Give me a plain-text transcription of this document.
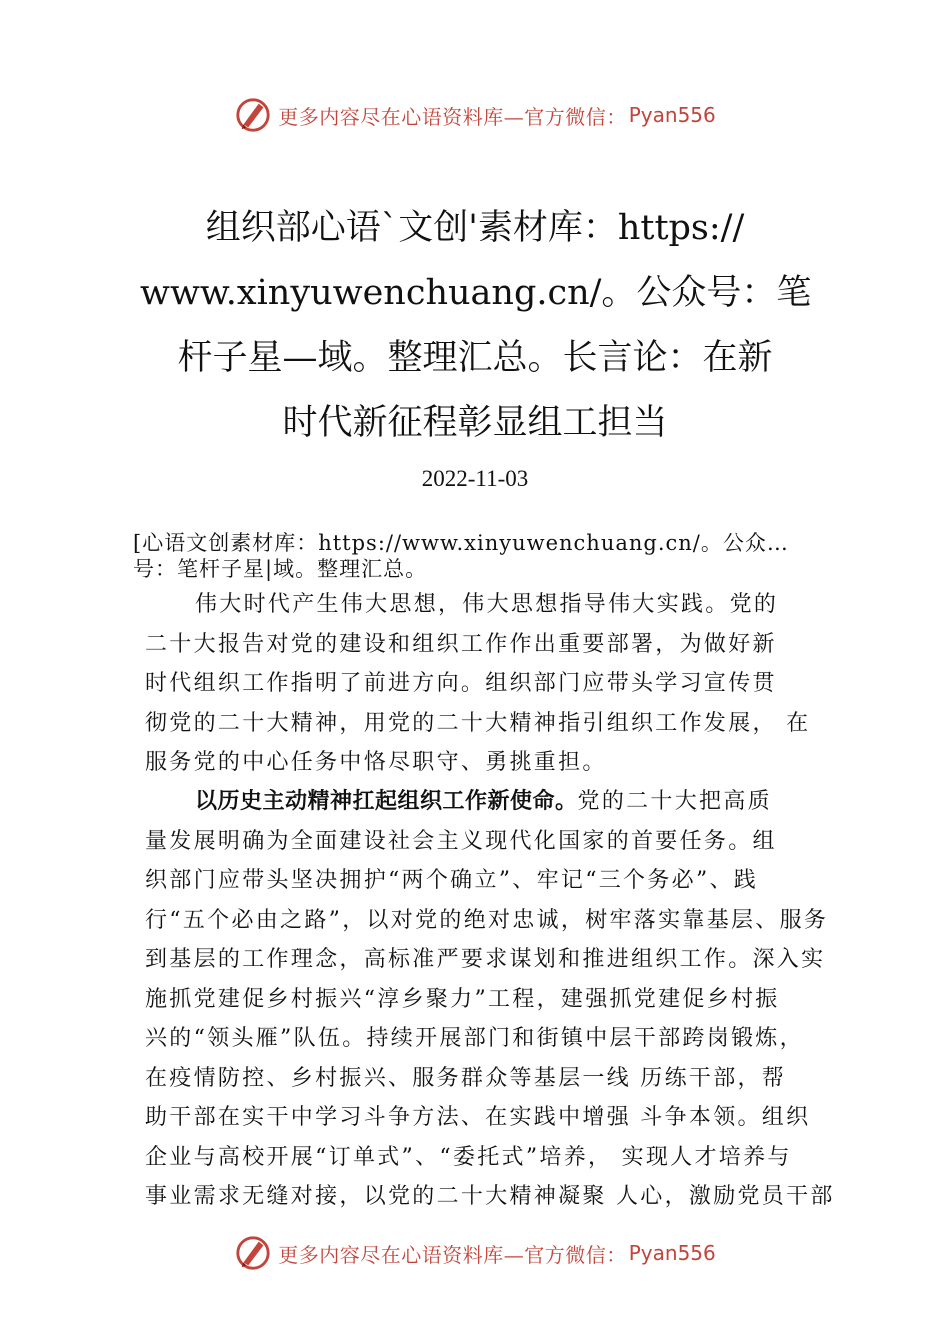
更多内容尽在心语资料库—官方微信： Pyan556
组织部心语`文创'素材库：https://
www.xinyuwenchuang.cn/。公众号：笔
杆子星—域。整理汇总。长言论：在新
时代新征程彰显组工担当
2022-11-03
[心语文创素材库：https://www.xinyuwenchuang.cn/。公众…
号：笔杆子星|域。整理汇总。
伟大时代产生伟大思想，伟大思想指导伟大实践。党的
二十大报告对党的建设和组织工作作出重要部署，为做好新
时代组织工作指明了前进方向。组织部门应带头学习宣传贯
彻党的二十大精神，用党的二十大精神指引组织工作发展， 在
服务党的中心任务中恪尽职守、勇挑重担。
以历史主动精神扛起组织工作新使命。党的二十大把高质
量发展明确为全面建设社会主义现代化国家的首要任务。组
织部门应带头坚决拥护“两个确立”、牢记“三个务必”、践
行“五个必由之路”，以对党的绝对忠诚，树牢落实靠基层、服务
到基层的工作理念，高标准严要求谋划和推进组织工作。深入实
施抓党建促乡村振兴“淳乡聚力”工程，建强抓党建促乡村振
兴的“领头雁”队伍。持续开展部门和街镇中层干部跨岗锻炼，
在疫情防控、乡村振兴、服务群众等基层一线 历练干部，帮
助干部在实干中学习斗争方法、在实践中增强 斗争本领。组织
企业与高校开展“订单式”、“委托式”培养， 实现人才培养与
事业需求无缝对接，以党的二十大精神凝聚 人心，激励党员干部
更多内容尽在心语资料库—官方微信： Pyan556
